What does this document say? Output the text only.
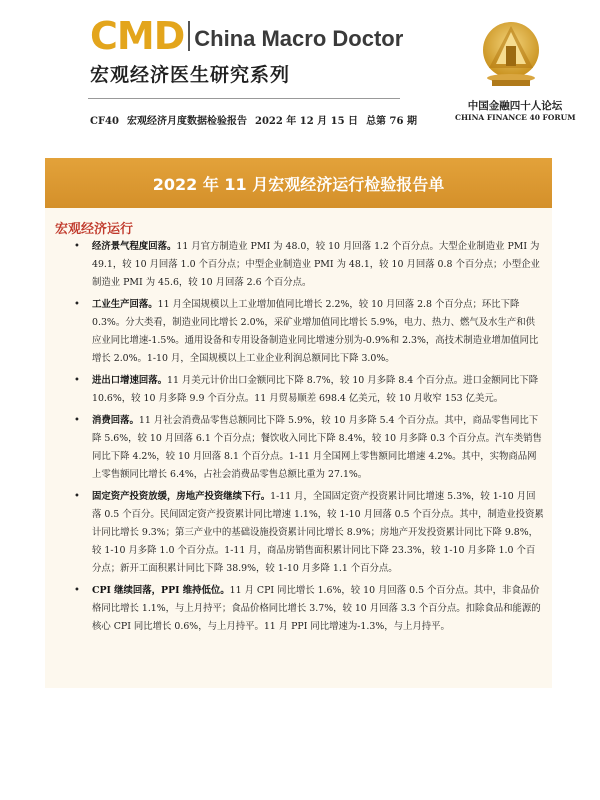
CMD China Macro Doctor
宏观经济医生研究系列
CF40 宏观经济月度数据检验报告 2022 年 12 月 15 日 总第 76 期
中国金融四十人论坛
CHINA FINANCE 40 FORUM
2022 年 11 月宏观经济运行检验报告单
宏观经济运行
• 经济景气程度回落。11 月官方制造业 PMI 为 48.0，较 10 月回落 1.2 个百分点。大型企业制造业 PMI 为 49.1，较 10 月回落 1.0 个百分点；中型企业制造业 PMI 为 48.1，较 10 月回落 0.8 个百分点；小型企业制造业 PMI 为 45.6，较 10 月回落 2.6 个百分点。
• 工业生产回落。11 月全国规模以上工业增加值同比增长 2.2%，较 10 月回落 2.8 个百分点；环比下降 0.3%。分大类看，制造业同比增长 2.0%，采矿业增加值同比增长 5.9%，电力、热力、燃气及水生产和供应业同比增速-1.5%。通用设备和专用设备制造业同比增速分别为-0.9%和 2.3%，高技术制造业增加值同比增长 2.0%。1-10 月，全国规模以上工业企业利润总额同比下降 3.0%。
• 进出口增速回落。11 月美元计价出口金额同比下降 8.7%，较 10 月多降 8.4 个百分点。进口金额同比下降 10.6%，较 10 月多降 9.9 个百分点。11 月贸易顺差 698.4 亿美元，较 10 月收窄 153 亿美元。
• 消费回落。11 月社会消费品零售总额同比下降 5.9%，较 10 月多降 5.4 个百分点。其中，商品零售同比下降 5.6%，较 10 月回落 6.1 个百分点；餐饮收入同比下降 8.4%，较 10 月多降 0.3 个百分点。汽车类销售同比下降 4.2%，较 10 月回落 8.1 个百分点。1-11 月全国网上零售额同比增速 4.2%。其中，实物商品网上零售额同比增长 6.4%，占社会消费品零售总额比重为 27.1%。
• 固定资产投资放缓，房地产投资继续下行。1-11 月，全国固定资产投资累计同比增速 5.3%，较 1-10 月回落 0.5 个百分。民间固定资产投资累计同比增速 1.1%，较 1-10 月回落 0.5 个百分点。其中，制造业投资累计同比增长 9.3%；第三产业中的基础设施投资累计同比增长 8.9%；房地产开发投资累计同比下降 9.8%，较 1-10 月多降 1.0 个百分点。1-11 月，商品房销售面积累计同比下降 23.3%，较 1-10 月多降 1.0 个百分点；新开工面积累计同比下降 38.9%，较 1-10 月多降 1.1 个百分点。
• CPI 继续回落，PPI 维持低位。11 月 CPI 同比增长 1.6%，较 10 月回落 0.5 个百分点。其中，非食品价格同比增长 1.1%，与上月持平；食品价格同比增长 3.7%，较 10 月回落 3.3 个百分点。扣除食品和能源的核心 CPI 同比增长 0.6%，与上月持平。11 月 PPI 同比增速为-1.3%，与上月持平。
